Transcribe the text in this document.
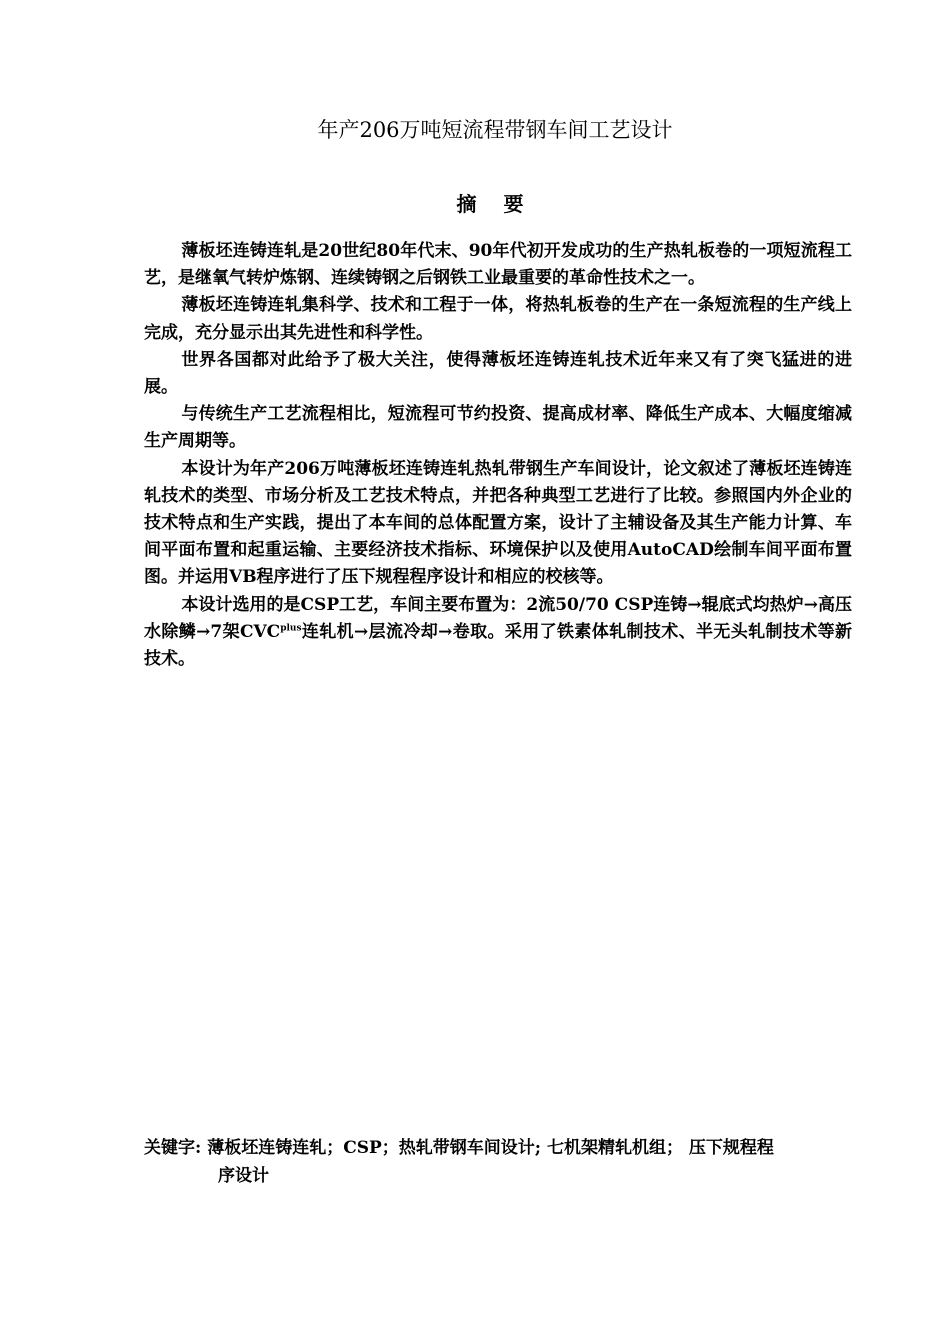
年产206万吨短流程带钢车间工艺设计
摘 要

薄板坯连铸连轧是20世纪80年代末、90年代初开发成功的生产热轧板卷的一项短流程工艺，是继氧气转炉炼钢、连续铸钢之后钢铁工业最重要的革命性技术之一。

薄板坯连铸连轧集科学、技术和工程于一体，将热轧板卷的生产在一条短流程的生产线上完成，充分显示出其先进性和科学性。

世界各国都对此给予了极大关注，使得薄板坯连铸连轧技术近年来又有了突飞猛进的进展。

与传统生产工艺流程相比，短流程可节约投资、提高成材率、降低生产成本、大幅度缩减生产周期等。

本设计为年产206万吨薄板坯连铸连轧热轧带钢生产车间设计，论文叙述了薄板坯连铸连轧技术的类型、市场分析及工艺技术特点，并把各种典型工艺进行了比较。参照国内外企业的技术特点和生产实践，提出了本车间的总体配置方案，设计了主辅设备及其生产能力计算、车间平面布置和起重运输、主要经济技术指标、环境保护以及使用AutoCAD绘制车间平面布置图。并运用VB程序进行了压下规程程序设计和相应的校核等。

本设计选用的是CSP工艺，车间主要布置为：2流50/70 CSP连铸→辊底式均热炉→高压水除鳞→7架$CVC^{plus}$连轧机→层流冷却→卷取。采用了铁素体轧制技术、半无头轧制技术等新技术。

关键字: 薄板坯连铸连轧；CSP；热轧带钢车间设计; 七机架精轧机组； 压下规程程
序设计
